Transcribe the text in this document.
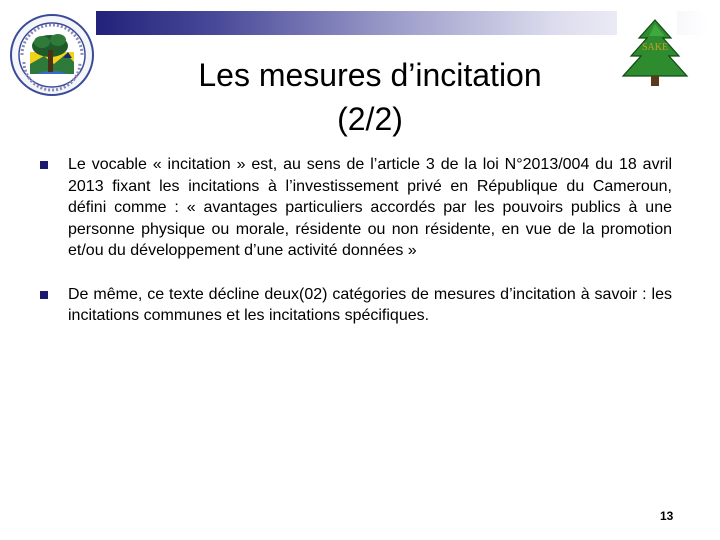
SAKE
Les mesures d’incitation
(2/2)
Le vocable « incitation » est, au sens de l’article 3 de la loi N°2013/004 du 18 avril 2013 fixant les incitations à l’investissement privé en République du Cameroun, défini comme : « avantages particuliers accordés par les pouvoirs publics à une personne physique ou morale, résidente ou non résidente, en vue de la promotion et/ou du développement d’une activité données »
De même, ce texte décline deux(02) catégories de mesures d’incitation à savoir : les incitations communes et les incitations spécifiques.
13
